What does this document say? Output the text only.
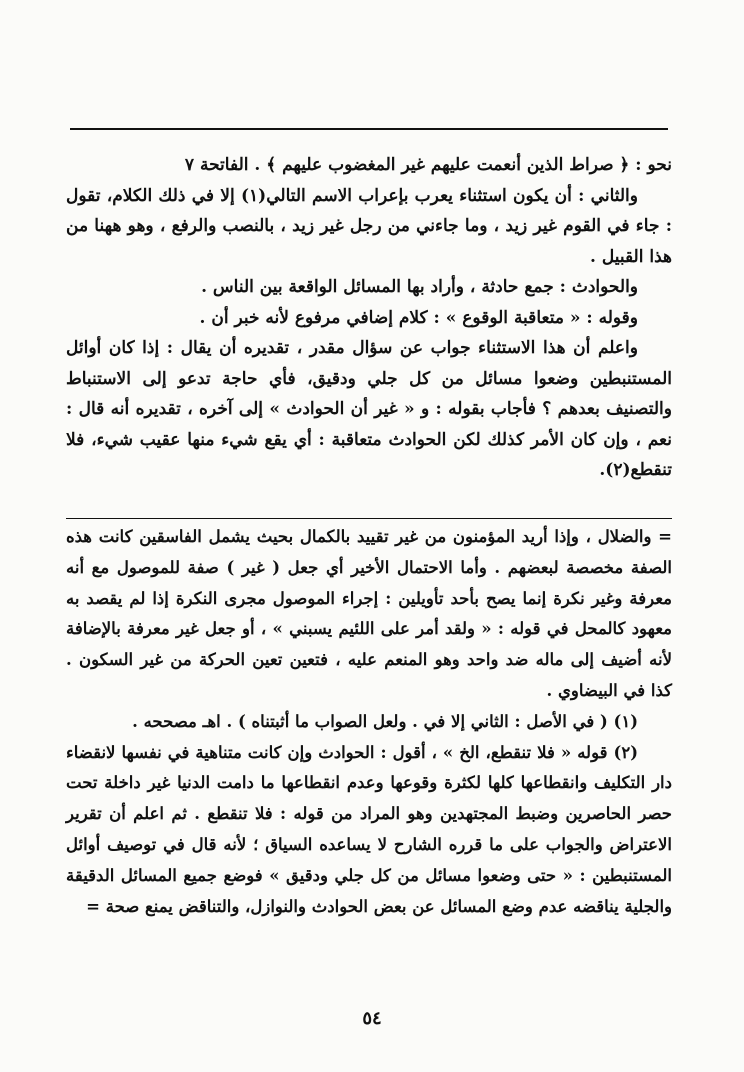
نحو : ﴿ صراط الذين أنعمت عليهم غير المغضوب عليهم ﴾ . الفاتحة ٧

والثاني : أن يكون استثناء يعرب بإعراب الاسم التالي(١) إلا في ذلك الكلام، تقول : جاء في القوم غير زيد ، وما جاءني من رجل غير زيد ، بالنصب والرفع ، وهو ههنا من هذا القبيل .

والحوادث : جمع حادثة ، وأراد بها المسائل الواقعة بين الناس .

وقوله : « متعاقبة الوقوع » : كلام إضافي مرفوع لأنه خبر أن .

واعلم أن هذا الاستثناء جواب عن سؤال مقدر ، تقديره أن يقال : إذا كان أوائل المستنبطين وضعوا مسائل من كل جلي ودقيق، فأي حاجة تدعو إلى الاستنباط والتصنيف بعدهم ؟ فأجاب بقوله : و « غير أن الحوادث » إلى آخره ، تقديره أنه قال : نعم ، وإن كان الأمر كذلك لكن الحوادث متعاقبة : أي يقع شيء منها عقيب شيء، فلا تنقطع(٢).

= والضلال ، وإذا أريد المؤمنون من غير تقييد بالكمال بحيث يشمل الفاسقين كانت هذه الصفة مخصصة لبعضهم . وأما الاحتمال الأخير أي جعل ( غير ) صفة للموصول مع أنه معرفة وغير نكرة إنما يصح بأحد تأويلين : إجراء الموصول مجرى النكرة إذا لم يقصد به معهود كالمحل في قوله : « ولقد أمر على اللئيم يسبني » ، أو جعل غير معرفة بالإضافة لأنه أضيف إلى ماله ضد واحد وهو المنعم عليه ، فتعين تعين الحركة من غير السكون . كذا في البيضاوي .

(١) ( في الأصل : الثاني إلا في . ولعل الصواب ما أثبتناه ) . اهـ مصححه .

(٢) قوله « فلا تنقطع، الخ » ، أقول : الحوادث وإن كانت متناهية في نفسها لانقضاء دار التكليف وانقطاعها كلها لكثرة وقوعها وعدم انقطاعها ما دامت الدنيا غير داخلة تحت حصر الحاصرين وضبط المجتهدين وهو المراد من قوله : فلا تنقطع . ثم اعلم أن تقرير الاعتراض والجواب على ما قرره الشارح لا يساعده السياق ؛ لأنه قال في توصيف أوائل المستنبطين : « حتى وضعوا مسائل من كل جلي ودقيق » فوضع جميع المسائل الدقيقة والجلية يناقضه عدم وضع المسائل عن بعض الحوادث والنوازل، والتناقض يمنع صحة =

٥٤
